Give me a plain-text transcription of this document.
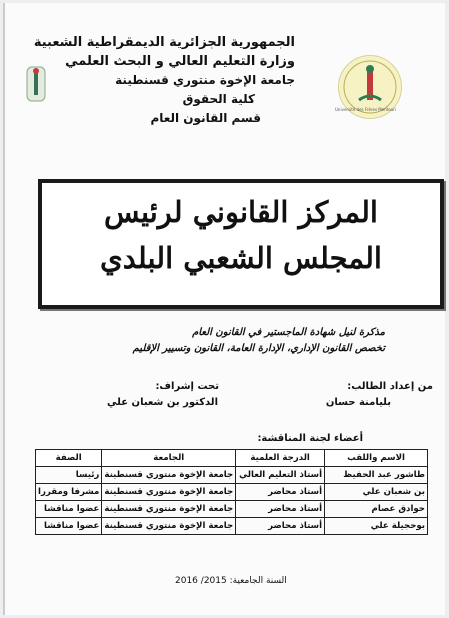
الجمهورية الجزائرية الديمقراطية الشعبية
وزارة التعليم العالي و البحث العلمي
جامعة الإخوة منتوري قسنطينة
كلية الحقوق
قسم القانون العام
Université des Frères Mentouri
المركز القانوني لرئيس
المجلس الشعبي البلدي
مذكرة لنيل شهادة الماجستير في القانون العام
تخصص القانون الإداري، الإدارة العامة، القانون وتسيير الإقليم
من إعداد الطالب:
بليامنة حسان
تحت إشراف:
الدكتور بن شعبان علي
أعضاء لجنة المناقشة:
الاسم واللقب	الدرجة العلمية	الجامعة	الصفة
طاشور عبد الحفيظ	أستاذ التعليم العالي	جامعة الإخوة منتوري قسنطينة	رئيسا
بن شعبان علي	أستاذ محاضر	جامعة الإخوة منتوري قسنطينة	مشرفا ومقررا
حوادق عصام	أستاذ محاضر	جامعة الإخوة منتوري قسنطينة	عضوا مناقشا
بوحجيلة علي	أستاذ محاضر	جامعة الإخوة منتوري قسنطينة	عضوا مناقشا
السنة الجامعية: 2015/ 2016
